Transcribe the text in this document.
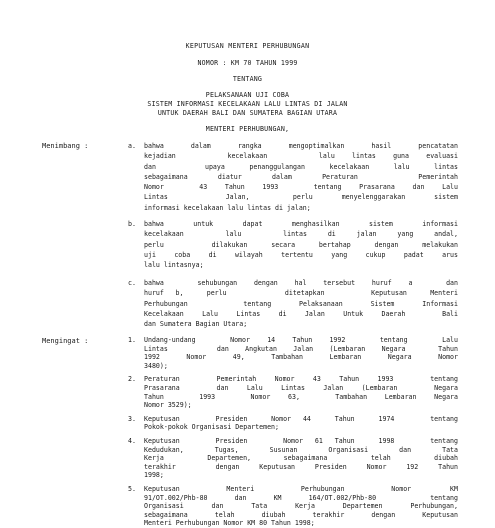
KEPUTUSAN MENTERI PERHUBUNGAN
NOMOR : KM 70 TAHUN 1999
TENTANG
PELAKSANAAN UJI COBA
SISTEM INFORMASI KECELAKAAN LALU LINTAS DI JALAN
UNTUK DAERAH BALI DAN SUMATERA BAGIAN UTARA
MENTERI PERHUBUNGAN,
Menimbang :	a. bahwa dalam rangka mengoptimalkan hasil pencatatan
kejadian   kecelakaan   lalu lintas guna evaluasi
dan  upaya penanggulangan kecelakaan lalu lintas
sebagaimana diatur dalam Peraturan  Pemerintah
Nomor  43 Tahun 1993  tentang Prasarana dan Lalu
Lintas    Jalan,   perlu  menyelenggarakan  sistem
informasi kecelakaan lalu lintas di jalan;
b. bahwa untuk dapat menghasilkan sistem informasi
kecelakaan    lalu    lintas  di  jalan  yang  andal,
perlu  dilakukan secara bertahap dengan melakukan
uji coba di wilayah tertentu yang cukup padat arus
lalu lintasnya;
c. bahwa  sehubungan dengan hal tersebut huruf a  dan
huruf b,  perlu     ditetapkan    Keputusan  Menteri
Perhubungan  tentang Pelaksanaan Sistem Informasi
Kecelakaan Lalu Lintas di Jalan Untuk Daerah  Bali
dan Sumatera Bagian Utara;
Mengingat :	1. Undang-undang  Nomor 14 Tahun 1992  tentang  Lalu
Lintas   dan Angkutan Jalan (Lembaran Negara  Tahun
1992  Nomor  49,  Tambahan  Lembaran  Negara  Nomor
3480);
2. Peraturan  Pemerintah Nomor 43 Tahun 1993  tentang
Prasarana  dan Lalu Lintas Jalan (Lembaran  Negara
Tahun  1993  Nomor 63,  Tambahan Lembaran Negara
Nomor 3529);
3. Keputusan   Presiden  Nomor 44  Tahun  1974   tentang
Pokok-pokok Organisasi Departemen;
4. Keputusan   Presiden   Nomor 61 Tahun  1998   tentang
Kedudukan,  Tugas,  Susunan  Organisasi  dan  Tata
Kerja    Departemen,   sebagaimana    telah    diubah
terakhir  dengan Keputusan Presiden Nomor 192 Tahun
1998;
5. Keputusan      Menteri      Perhubungan      Nomor     KM
91/OT.002/Phb-80 dan KM 164/OT.002/Phb-80  tentang
Organisasi dan Tata Kerja Departemen Perhubungan,
sebagaimana telah diubah terakhir dengan Keputusan
Menteri Perhubungan Nomor KM 80 Tahun 1998;
